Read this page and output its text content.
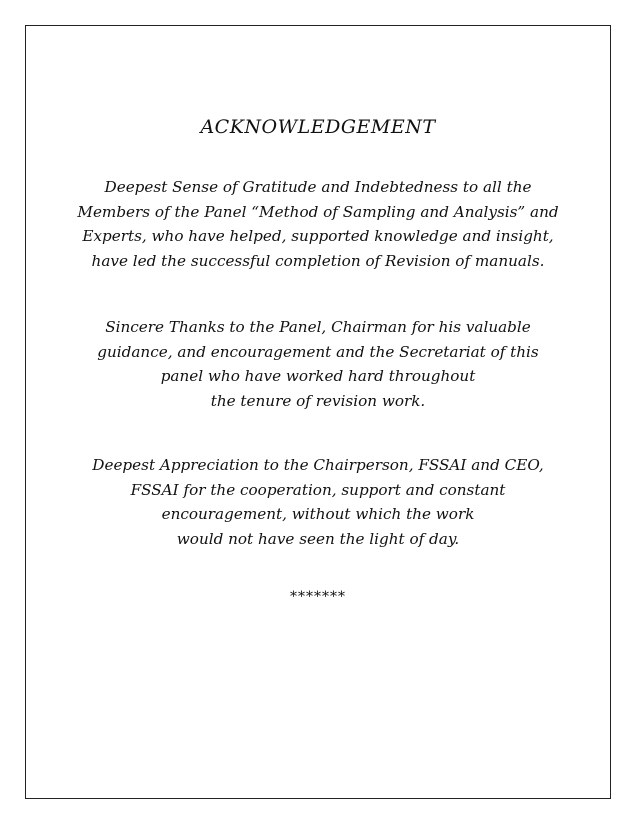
ACKNOWLEDGEMENT
Deepest Sense of Gratitude and Indebtedness to all the
Members of the Panel “Method of Sampling and Analysis” and
Experts, who have helped, supported knowledge and insight,
have led the successful completion of Revision of manuals.
Sincere Thanks to the Panel, Chairman for his valuable
guidance, and encouragement and the Secretariat of this
panel who have worked hard throughout
the tenure of revision work.
Deepest Appreciation to the Chairperson, FSSAI and CEO,
FSSAI for the cooperation, support and constant
encouragement, without which the work
would not have seen the light of day.
*******
